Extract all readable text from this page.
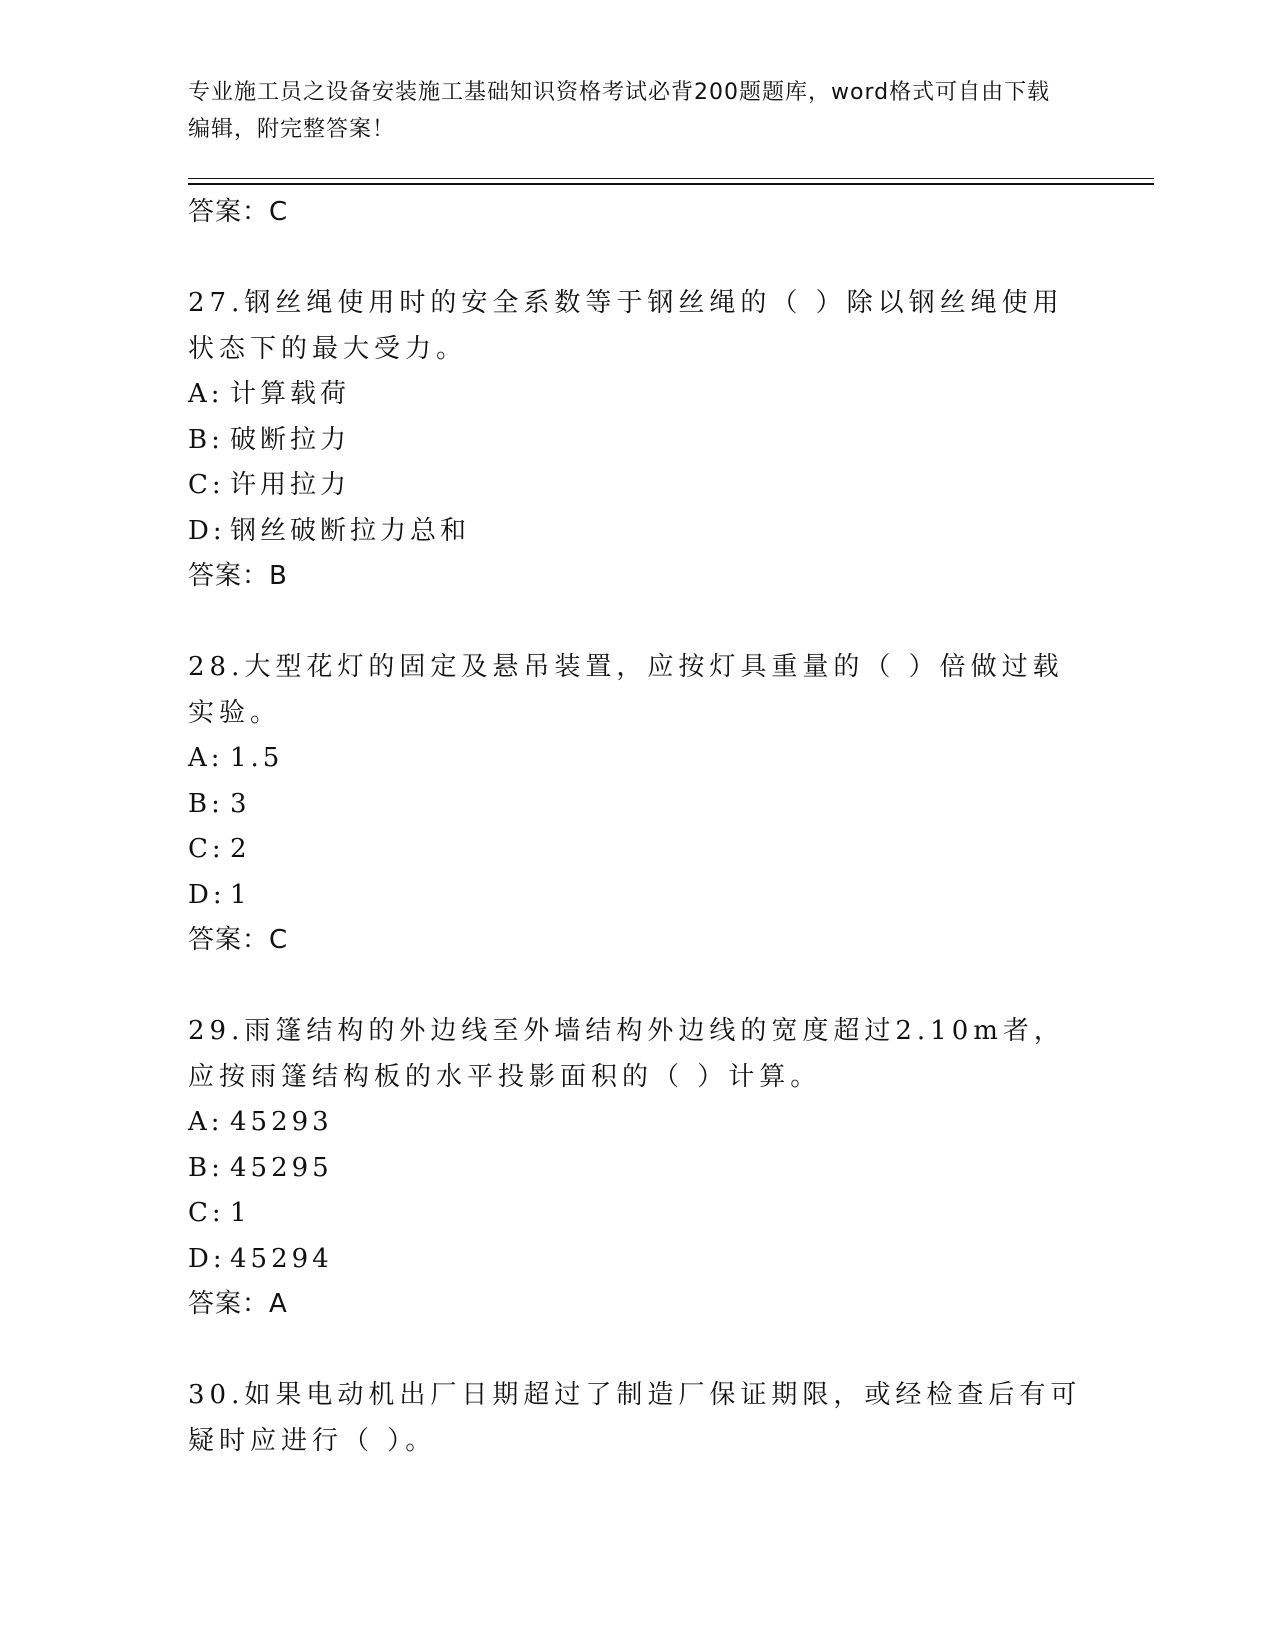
专业施工员之设备安装施工基础知识资格考试必背200题题库，word格式可自由下载编辑，附完整答案！
答案：C
27.钢丝绳使用时的安全系数等于钢丝绳的（ ）除以钢丝绳使用状态下的最大受力。
A: 计算载荷
B: 破断拉力
C: 许用拉力
D: 钢丝破断拉力总和
答案：B
28.大型花灯的固定及悬吊装置，应按灯具重量的（ ）倍做过载实验。
A: 1.5
B: 3
C: 2
D: 1
答案：C
29.雨篷结构的外边线至外墙结构外边线的宽度超过2.10m者，应按雨篷结构板的水平投影面积的（ ）计算。
A: 45293
B: 45295
C: 1
D: 45294
答案：A
30.如果电动机出厂日期超过了制造厂保证期限，或经检查后有可疑时应进行（ ）。
